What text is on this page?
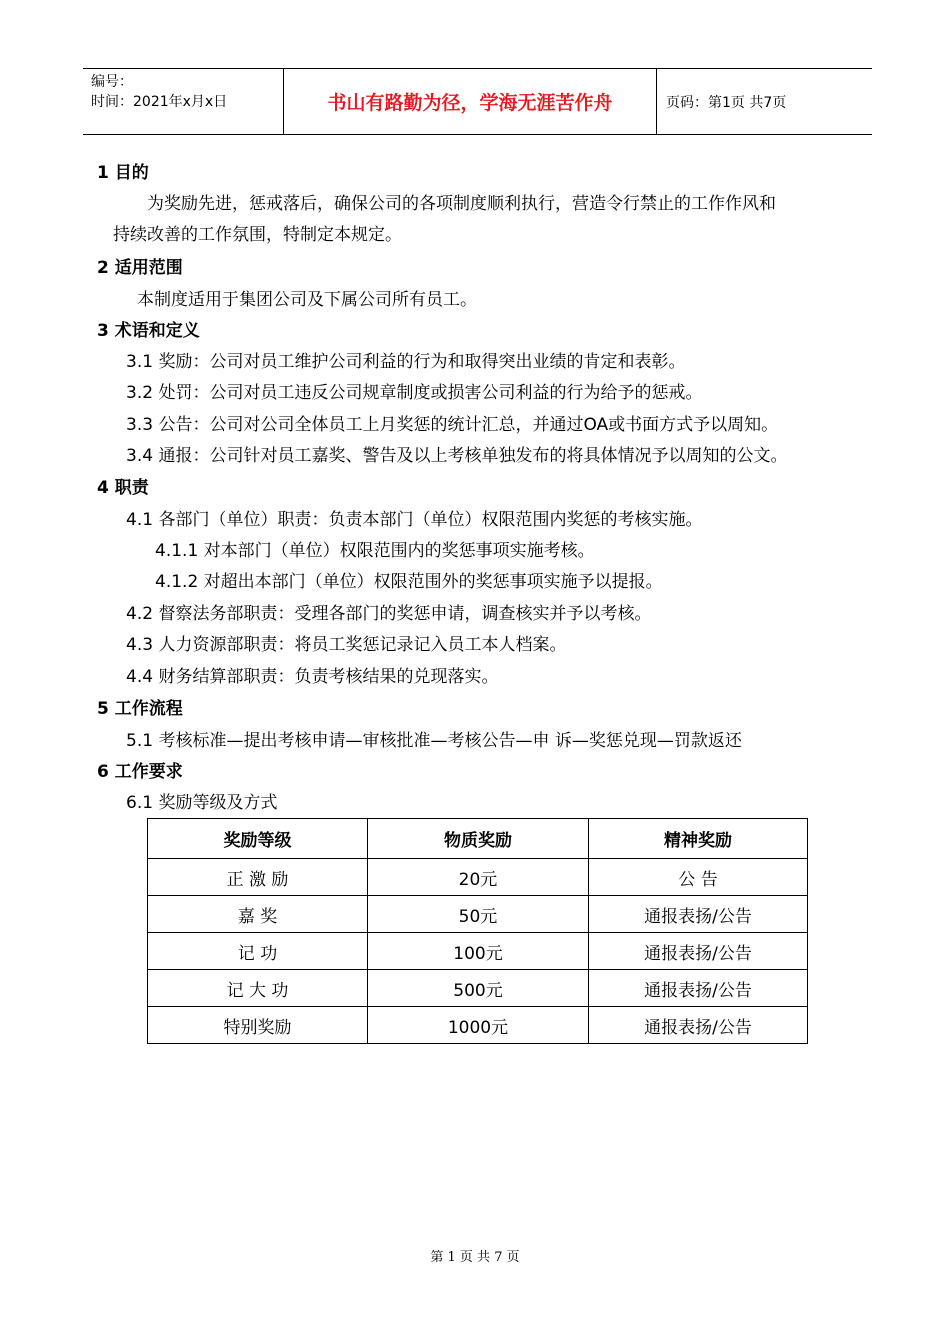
编号：
时间：2021年x月x日	书山有路勤为径，学海无涯苦作舟	页码：第1页 共7页
1 目的
为奖励先进，惩戒落后，确保公司的各项制度顺利执行，营造令行禁止的工作作风和
持续改善的工作氛围，特制定本规定。
2 适用范围
本制度适用于集团公司及下属公司所有员工。
3 术语和定义
3.1 奖励：公司对员工维护公司利益的行为和取得突出业绩的肯定和表彰。
3.2 处罚：公司对员工违反公司规章制度或损害公司利益的行为给予的惩戒。
3.3 公告：公司对公司全体员工上月奖惩的统计汇总，并通过OA或书面方式予以周知。
3.4 通报：公司针对员工嘉奖、警告及以上考核单独发布的将具体情况予以周知的公文。
4 职责
4.1 各部门（单位）职责：负责本部门（单位）权限范围内奖惩的考核实施。
4.1.1 对本部门（单位）权限范围内的奖惩事项实施考核。
4.1.2 对超出本部门（单位）权限范围外的奖惩事项实施予以提报。
4.2 督察法务部职责：受理各部门的奖惩申请，调查核实并予以考核。
4.3 人力资源部职责：将员工奖惩记录记入员工本人档案。
4.4 财务结算部职责：负责考核结果的兑现落实。
5 工作流程
5.1 考核标准—提出考核申请—审核批准—考核公告—申 诉—奖惩兑现—罚款返还
6 工作要求
6.1 奖励等级及方式
奖励等级	物质奖励	精神奖励
正 激 励	20元	公 告
嘉 奖	50元	通报表扬/公告
记 功	100元	通报表扬/公告
记 大 功	500元	通报表扬/公告
特别奖励	1000元	通报表扬/公告
第 1 页 共 7 页
